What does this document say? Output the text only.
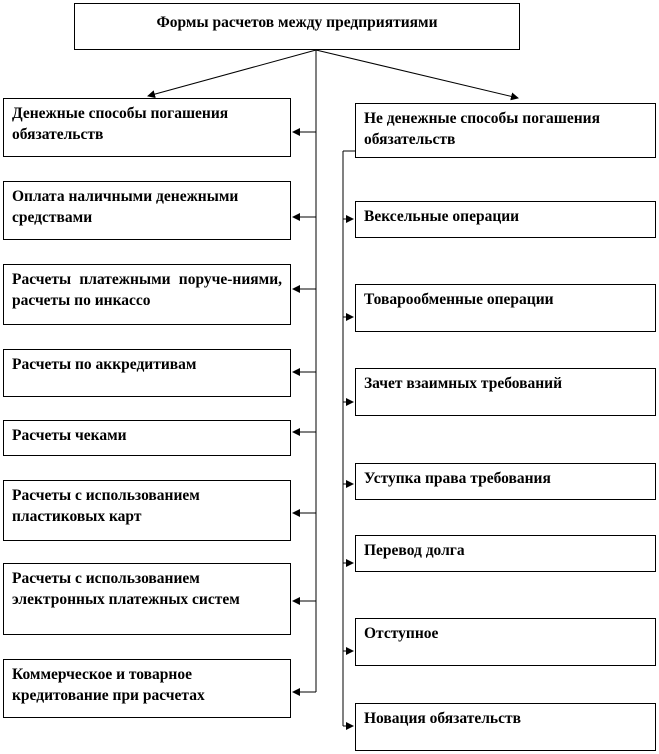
Формы расчетов между предприятиями
Денежные способы погашения обязательств
Оплата наличными денежными средствами
Расчеты платежными поруче-ниями, расчеты по инкассо
Расчеты по аккредитивам
Расчеты чеками
Расчеты с использованием пластиковых карт
Расчеты с использованием электронных платежных систем
Коммерческое и товарное кредитование при расчетах
Не денежные способы погашения обязательств
Вексельные операции
Товарообменные операции
Зачет взаимных требований
Уступка права требования
Перевод долга
Отступное
Новация обязательств
